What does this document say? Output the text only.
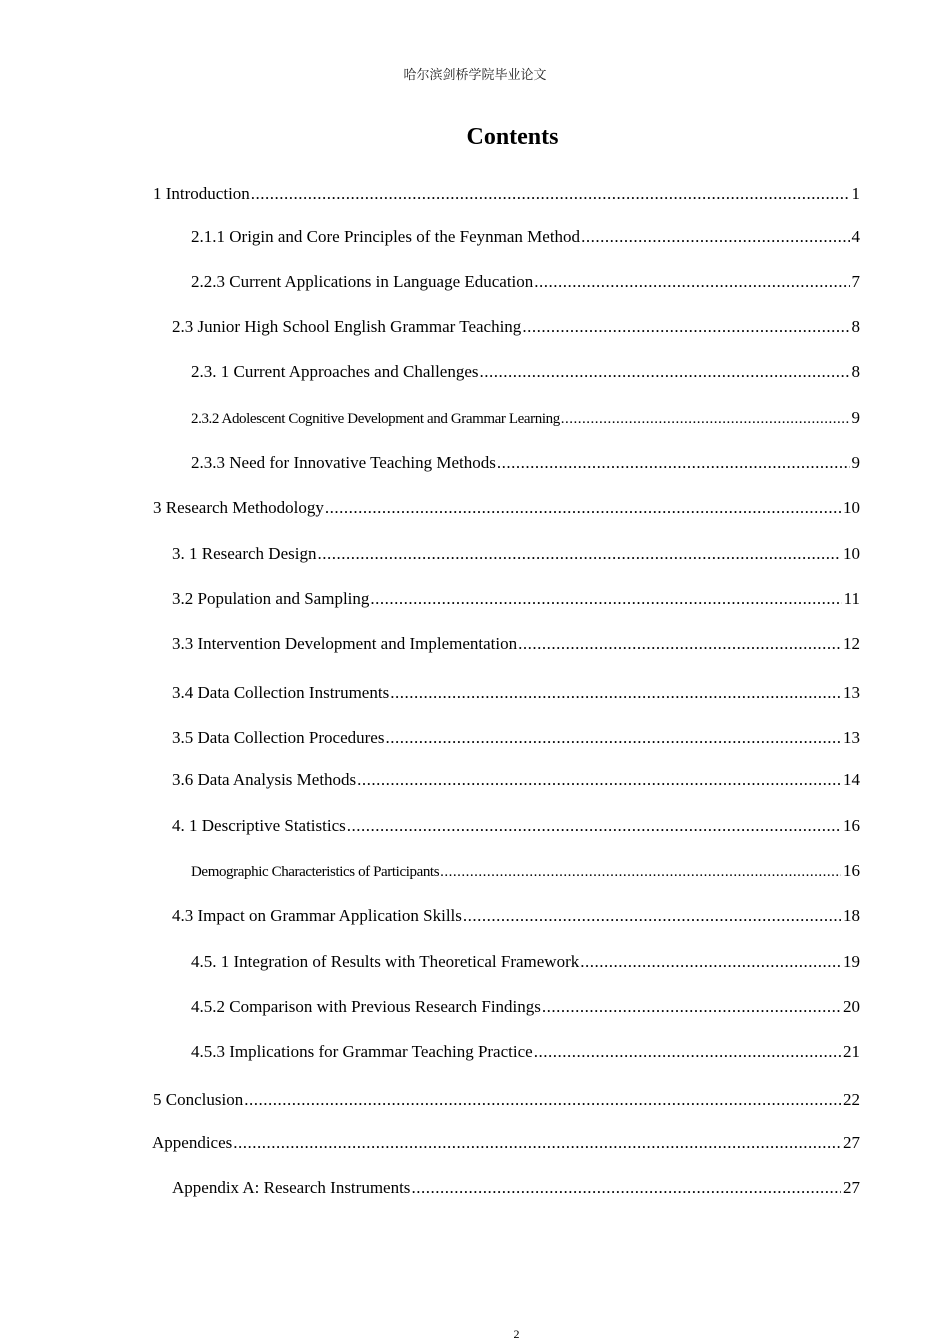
哈尔滨剑桥学院毕业论文
Contents
1 Introduction .....	1
2.1.1 Origin and Core Principles of the Feynman Method .....	4
2.2.3 Current Applications in Language Education .....	7
2.3 Junior High School English Grammar Teaching .....	8
2.3. 1 Current Approaches and Challenges .....	8
2.3.2 Adolescent Cognitive Development and Grammar Learning .....	9
2.3.3 Need for Innovative Teaching Methods .....	9
3 Research Methodology .....	10
3. 1 Research Design .....	10
3.2 Population and Sampling .....	11
3.3 Intervention Development and Implementation .....	12
3.4 Data Collection Instruments .....	13
3.5 Data Collection Procedures .....	13
3.6 Data Analysis Methods .....	14
4. 1 Descriptive Statistics .....	16
Demographic Characteristics of Participants .....	16
4.3 Impact on Grammar Application Skills .....	18
4.5. 1 Integration of Results with Theoretical Framework .....	19
4.5.2 Comparison with Previous Research Findings .....	20
4.5.3 Implications for Grammar Teaching Practice .....	21
5 Conclusion .....	22
Appendices .....	27
Appendix A: Research Instruments .....	27
2
